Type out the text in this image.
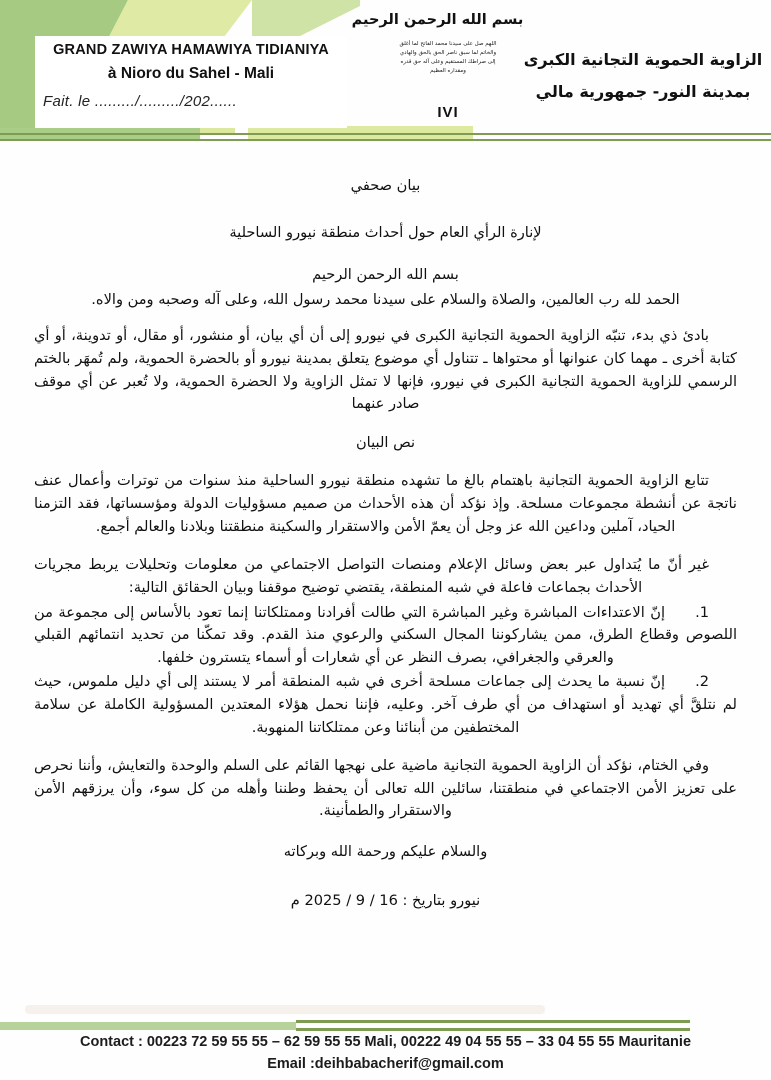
GRAND ZAWIYA HAMAWIYA TIDIANIYA
à Nioro du Sahel - Mali
Fait. le ........./........./202......
بسم الله الرحمن الرحيم
اللهم صل على سيدنا محمد الفاتح لما أغلق والخاتم لما سبق ناصر الحق بالحق والهادي إلى صراطك المستقيم وعلى آله حق قدره ومقداره العظيم
IVI
الزاوية الحموية التجانية الكبرى
بمدينة النور- جمهورية مالي

بيان صحفي

لإنارة الرأي العام حول أحداث منطقة نيورو الساحلية

بسم الله الرحمن الرحيم

الحمد لله رب العالمين، والصلاة والسلام على سيدنا محمد رسول الله، وعلى آله وصحبه ومن والاه.

بادئ ذي بدء، تنبّه الزاوية الحموية التجانية الكبرى في نيورو إلى أن أي بيان، أو منشور، أو مقال، أو تدوينة، أو أي كتابة أخرى ـ مهما كان عنوانها أو محتواها ـ تتناول أي موضوع يتعلق بمدينة نيورو أو بالحضرة الحموية، ولم تُمهَر بالختم الرسمي للزاوية الحموية التجانية الكبرى في نيورو، فإنها لا تمثل الزاوية ولا الحضرة الحموية، ولا تُعبر عن أي موقف صادر عنهما

نص البيان

تتابع الزاوية الحموية التجانية باهتمام بالغ ما تشهده منطقة نيورو الساحلية منذ سنوات من توترات وأعمال عنف ناتجة عن أنشطة مجموعات مسلحة. وإذ نؤكد أن هذه الأحداث من صميم مسؤوليات الدولة ومؤسساتها، فقد التزمنا الحياد، آملين وداعين الله عز وجل أن يعمّ الأمن والاستقرار والسكينة منطقتنا وبلادنا والعالم أجمع.

غير أنّ ما يُتداول عبر بعض وسائل الإعلام ومنصات التواصل الاجتماعي من معلومات وتحليلات يربط مجريات الأحداث بجماعات فاعلة في شبه المنطقة، يقتضي توضيح موقفنا وبيان الحقائق التالية:

1.إنّ الاعتداءات المباشرة وغير المباشرة التي طالت أفرادنا وممتلكاتنا إنما تعود بالأساس إلى مجموعة من اللصوص وقطاع الطرق، ممن يشاركوننا المجال السكني والرعوي منذ القدم. وقد تمكّنا من تحديد انتمائهم القبلي والعرقي والجغرافي، بصرف النظر عن أي شعارات أو أسماء يتسترون خلفها.

2.إنّ نسبة ما يحدث إلى جماعات مسلحة أخرى في شبه المنطقة أمر لا يستند إلى أي دليل ملموس، حيث لم نتلقَّ أي تهديد أو استهداف من أي طرف آخر. وعليه، فإننا نحمل هؤلاء المعتدين المسؤولية الكاملة عن سلامة المختطفين من أبنائنا وعن ممتلكاتنا المنهوبة.

وفي الختام، نؤكد أن الزاوية الحموية التجانية ماضية على نهجها القائم على السلم والوحدة والتعايش، وأننا نحرص على تعزيز الأمن الاجتماعي في منطقتنا، سائلين الله تعالى أن يحفظ وطننا وأهله من كل سوء، وأن يرزقهم الأمن والاستقرار والطمأنينة.

والسلام عليكم ورحمة الله وبركاته

نيورو بتاريخ : 16 / 9 / 2025 م

Contact : 00223 72 59 55 55 – 62 59 55 55 Mali, 00222 49 04 55 55 – 33 04 55 55 Mauritanie
Email :deihbabacherif@gmail.com
